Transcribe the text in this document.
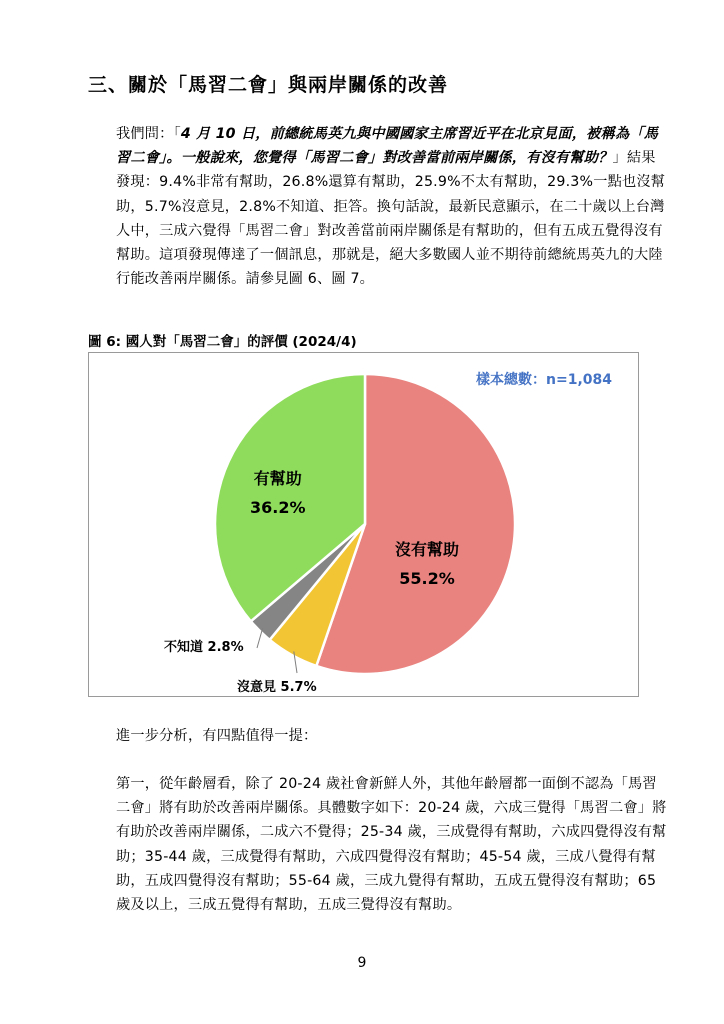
三、關於「馬習二會」與兩岸關係的改善
我們問：「4 月 10 日，前總統馬英九與中國國家主席習近平在北京見面，被稱為「馬習二會」。一般說來，您覺得「馬習二會」對改善當前兩岸關係，有沒有幫助？」結果發現：9.4%非常有幫助，26.8%還算有幫助，25.9%不太有幫助，29.3%一點也沒幫助，5.7%沒意見，2.8%不知道、拒答。換句話說，最新民意顯示，在二十歲以上台灣人中，三成六覺得「馬習二會」對改善當前兩岸關係是有幫助的，但有五成五覺得沒有幫助。這項發現傳達了一個訊息，那就是，絕大多數國人並不期待前總統馬英九的大陸行能改善兩岸關係。請參見圖 6、圖 7。
圖 6: 國人對「馬習二會」的評價 (2024/4)
樣本總數：n=1,084
有幫助
36.2%
沒有幫助
55.2%
不知道 2.8%
沒意見 5.7%
進一步分析，有四點值得一提：
第一，從年齡層看，除了 20-24 歲社會新鮮人外，其他年齡層都一面倒不認為「馬習二會」將有助於改善兩岸關係。具體數字如下：20-24 歲，六成三覺得「馬習二會」將有助於改善兩岸關係，二成六不覺得；25-34 歲，三成覺得有幫助，六成四覺得沒有幫助；35-44 歲，三成覺得有幫助，六成四覺得沒有幫助；45-54 歲，三成八覺得有幫助，五成四覺得沒有幫助；55-64 歲，三成九覺得有幫助，五成五覺得沒有幫助；65 歲及以上，三成五覺得有幫助，五成三覺得沒有幫助。
9
